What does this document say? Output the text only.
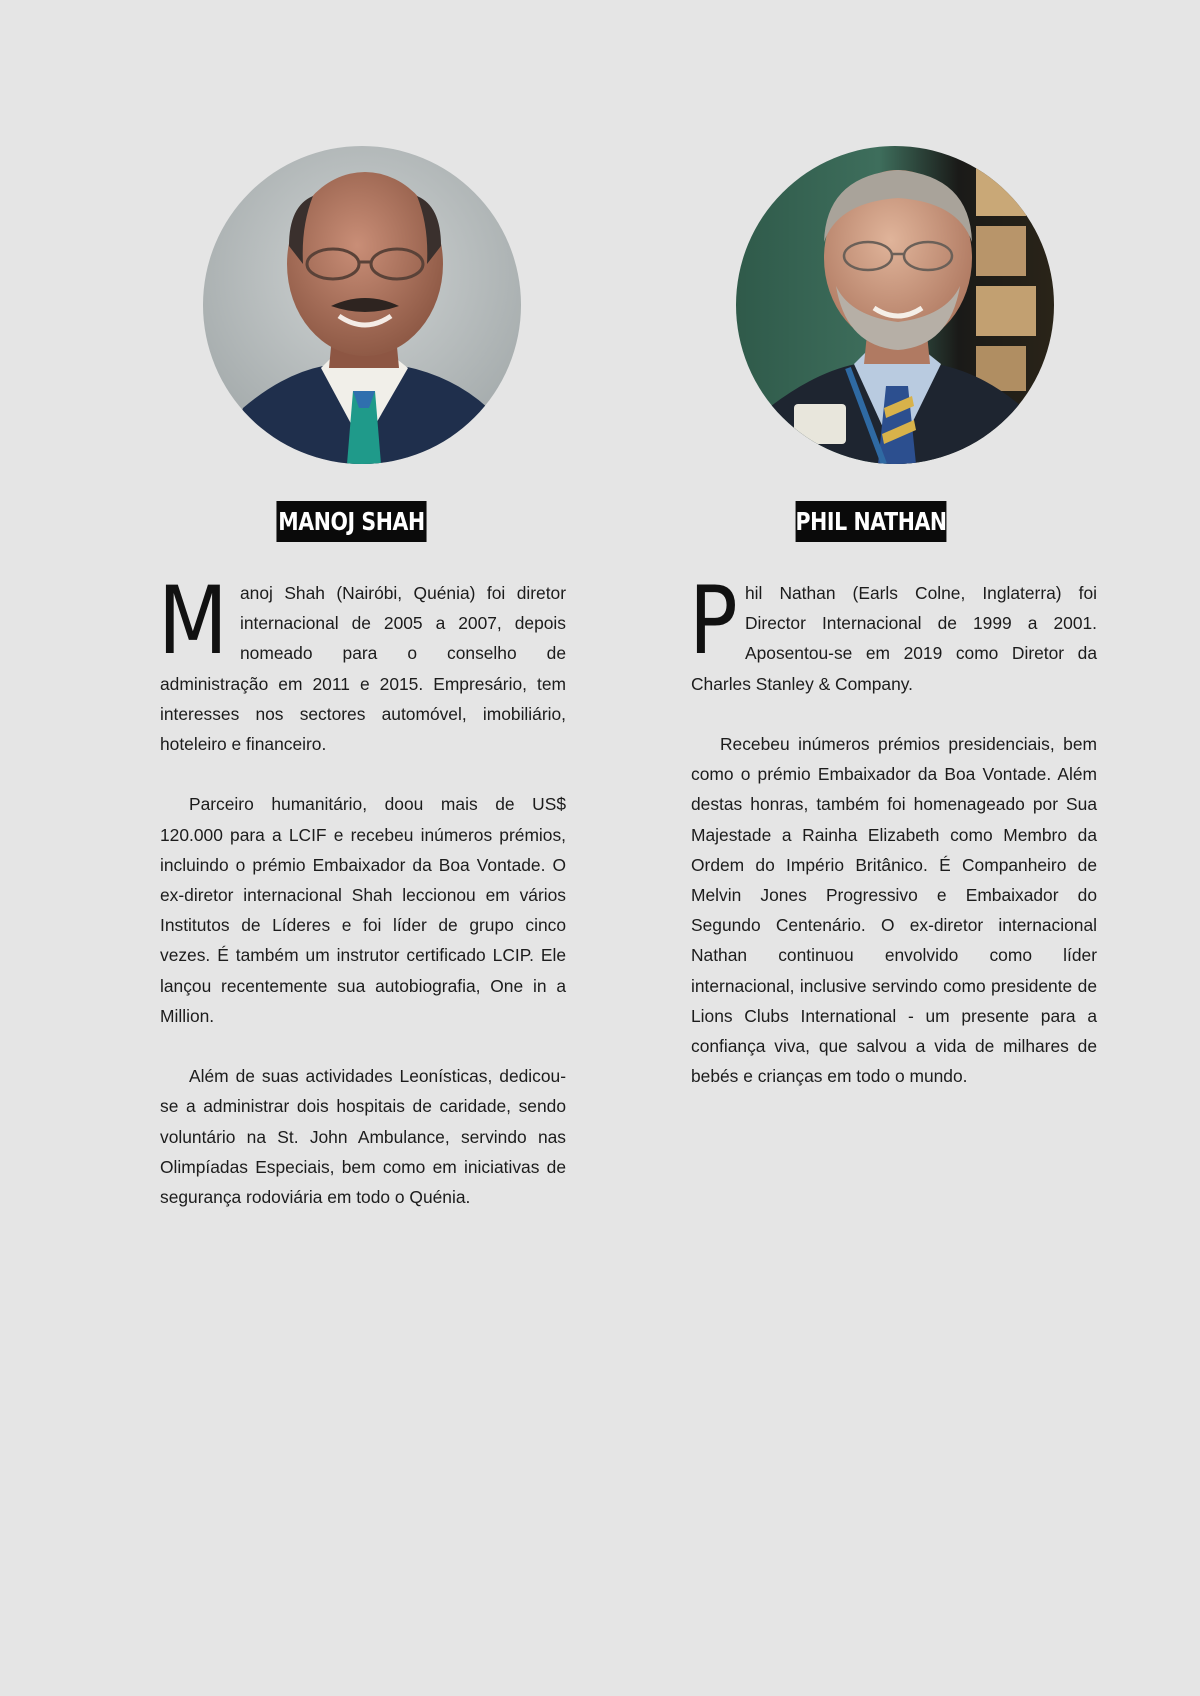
MANOJ SHAH

Manoj Shah (Nairóbi, Quénia) foi diretor internacional de 2005 a 2007, depois nomeado para o conselho de administração em 2011 e 2015. Empresário, tem interesses nos sectores automóvel, imobiliário, hoteleiro e financeiro.

Parceiro humanitário, doou mais de US$ 120.000 para a LCIF e recebeu inúmeros prémios, incluindo o prémio Embaixador da Boa Vontade. O ex-diretor internacional Shah leccionou em vários Institutos de Líderes e foi líder de grupo cinco vezes. É também um instrutor certificado LCIP. Ele lançou recentemente sua autobiografia, One in a Million.

Além de suas actividades Leonísticas, dedicou-se a administrar dois hospitais de caridade, sendo voluntário na St. John Ambulance, servindo nas Olimpíadas Especiais, bem como em iniciativas de segurança rodoviária em todo o Quénia.

PHIL NATHAN

Phil Nathan (Earls Colne, Inglaterra) foi Director Internacional de 1999 a 2001. Aposentou-se em 2019 como Diretor da Charles Stanley & Company.

Recebeu inúmeros prémios presidenciais, bem como o prémio Embaixador da Boa Vontade. Além destas honras, também foi homenageado por Sua Majestade a Rainha Elizabeth como Membro da Ordem do Império Britânico. É Companheiro de Melvin Jones Progressivo e Embaixador do Segundo Centenário. O ex-diretor internacional Nathan continuou envolvido como líder internacional, inclusive servindo como presidente de Lions Clubs International - um presente para a confiança viva, que salvou a vida de milhares de bebés e crianças em todo o mundo.
